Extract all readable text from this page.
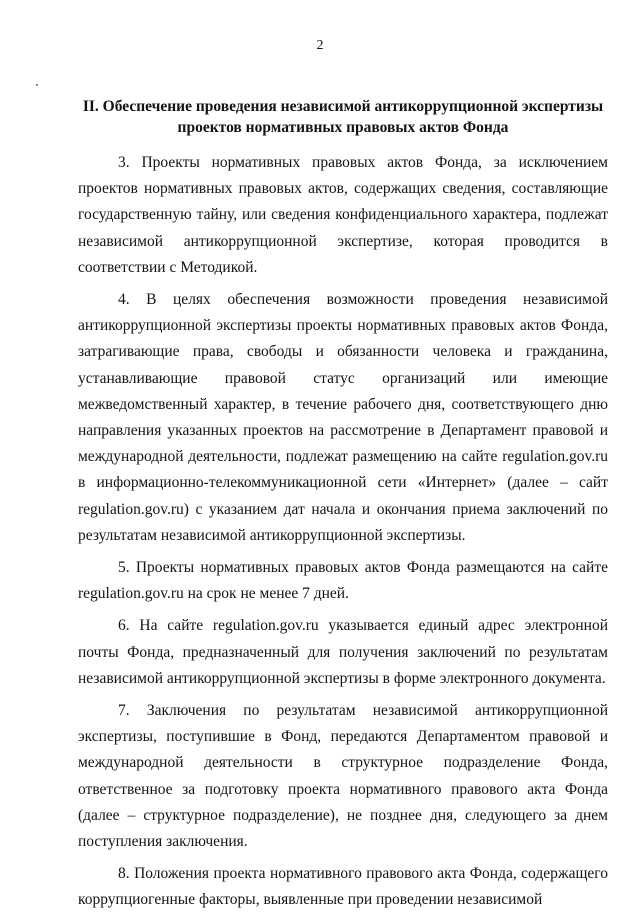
2
II. Обеспечение проведения независимой антикоррупционной экспертизы
проектов нормативных правовых актов Фонда

3. Проекты нормативных правовых актов Фонда, за исключением проектов нормативных правовых актов, содержащих сведения, составляющие государственную тайну, или сведения конфиденциального характера, подлежат независимой антикоррупционной экспертизе, которая проводится в соответствии с Методикой.

4. В целях обеспечения возможности проведения независимой антикоррупционной экспертизы проекты нормативных правовых актов Фонда, затрагивающие права, свободы и обязанности человека и гражданина, устанавливающие правовой статус организаций или имеющие межведомственный характер, в течение рабочего дня, соответствующего дню направления указанных проектов на рассмотрение в Департамент правовой и международной деятельности, подлежат размещению на сайте regulation.gov.ru в информационно-телекоммуникационной сети «Интернет» (далее – сайт regulation.gov.ru) с указанием дат начала и окончания приема заключений по результатам независимой антикоррупционной экспертизы.

5. Проекты нормативных правовых актов Фонда размещаются на сайте regulation.gov.ru на срок не менее 7 дней.

6. На сайте regulation.gov.ru указывается единый адрес электронной почты Фонда, предназначенный для получения заключений по результатам независимой антикоррупционной экспертизы в форме электронного документа.

7. Заключения по результатам независимой антикоррупционной экспертизы, поступившие в Фонд, передаются Департаментом правовой и международной деятельности в структурное подразделение Фонда, ответственное за подготовку проекта нормативного правового акта Фонда (далее – структурное подразделение), не позднее дня, следующего за днем поступления заключения.

8. Положения проекта нормативного правового акта Фонда, содержащего коррупциогенные факторы, выявленные при проведении независимой
